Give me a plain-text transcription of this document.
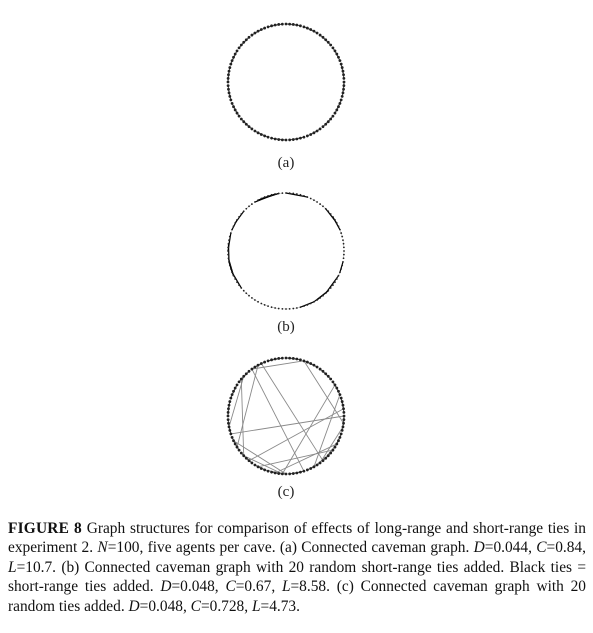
(a)
(b)
(c)
FIGURE 8 Graph structures for comparison of effects of long-range and short-range ties in experiment 2. N=100, five agents per cave. (a) Connected caveman graph. D=0.044, C=0.84, L=10.7. (b) Connected caveman graph with 20 random short-range ties added. Black ties = short-range ties added. D=0.048, C=0.67, L=8.58. (c) Connected caveman graph with 20 random ties added. D=0.048, C=0.728, L=4.73.
